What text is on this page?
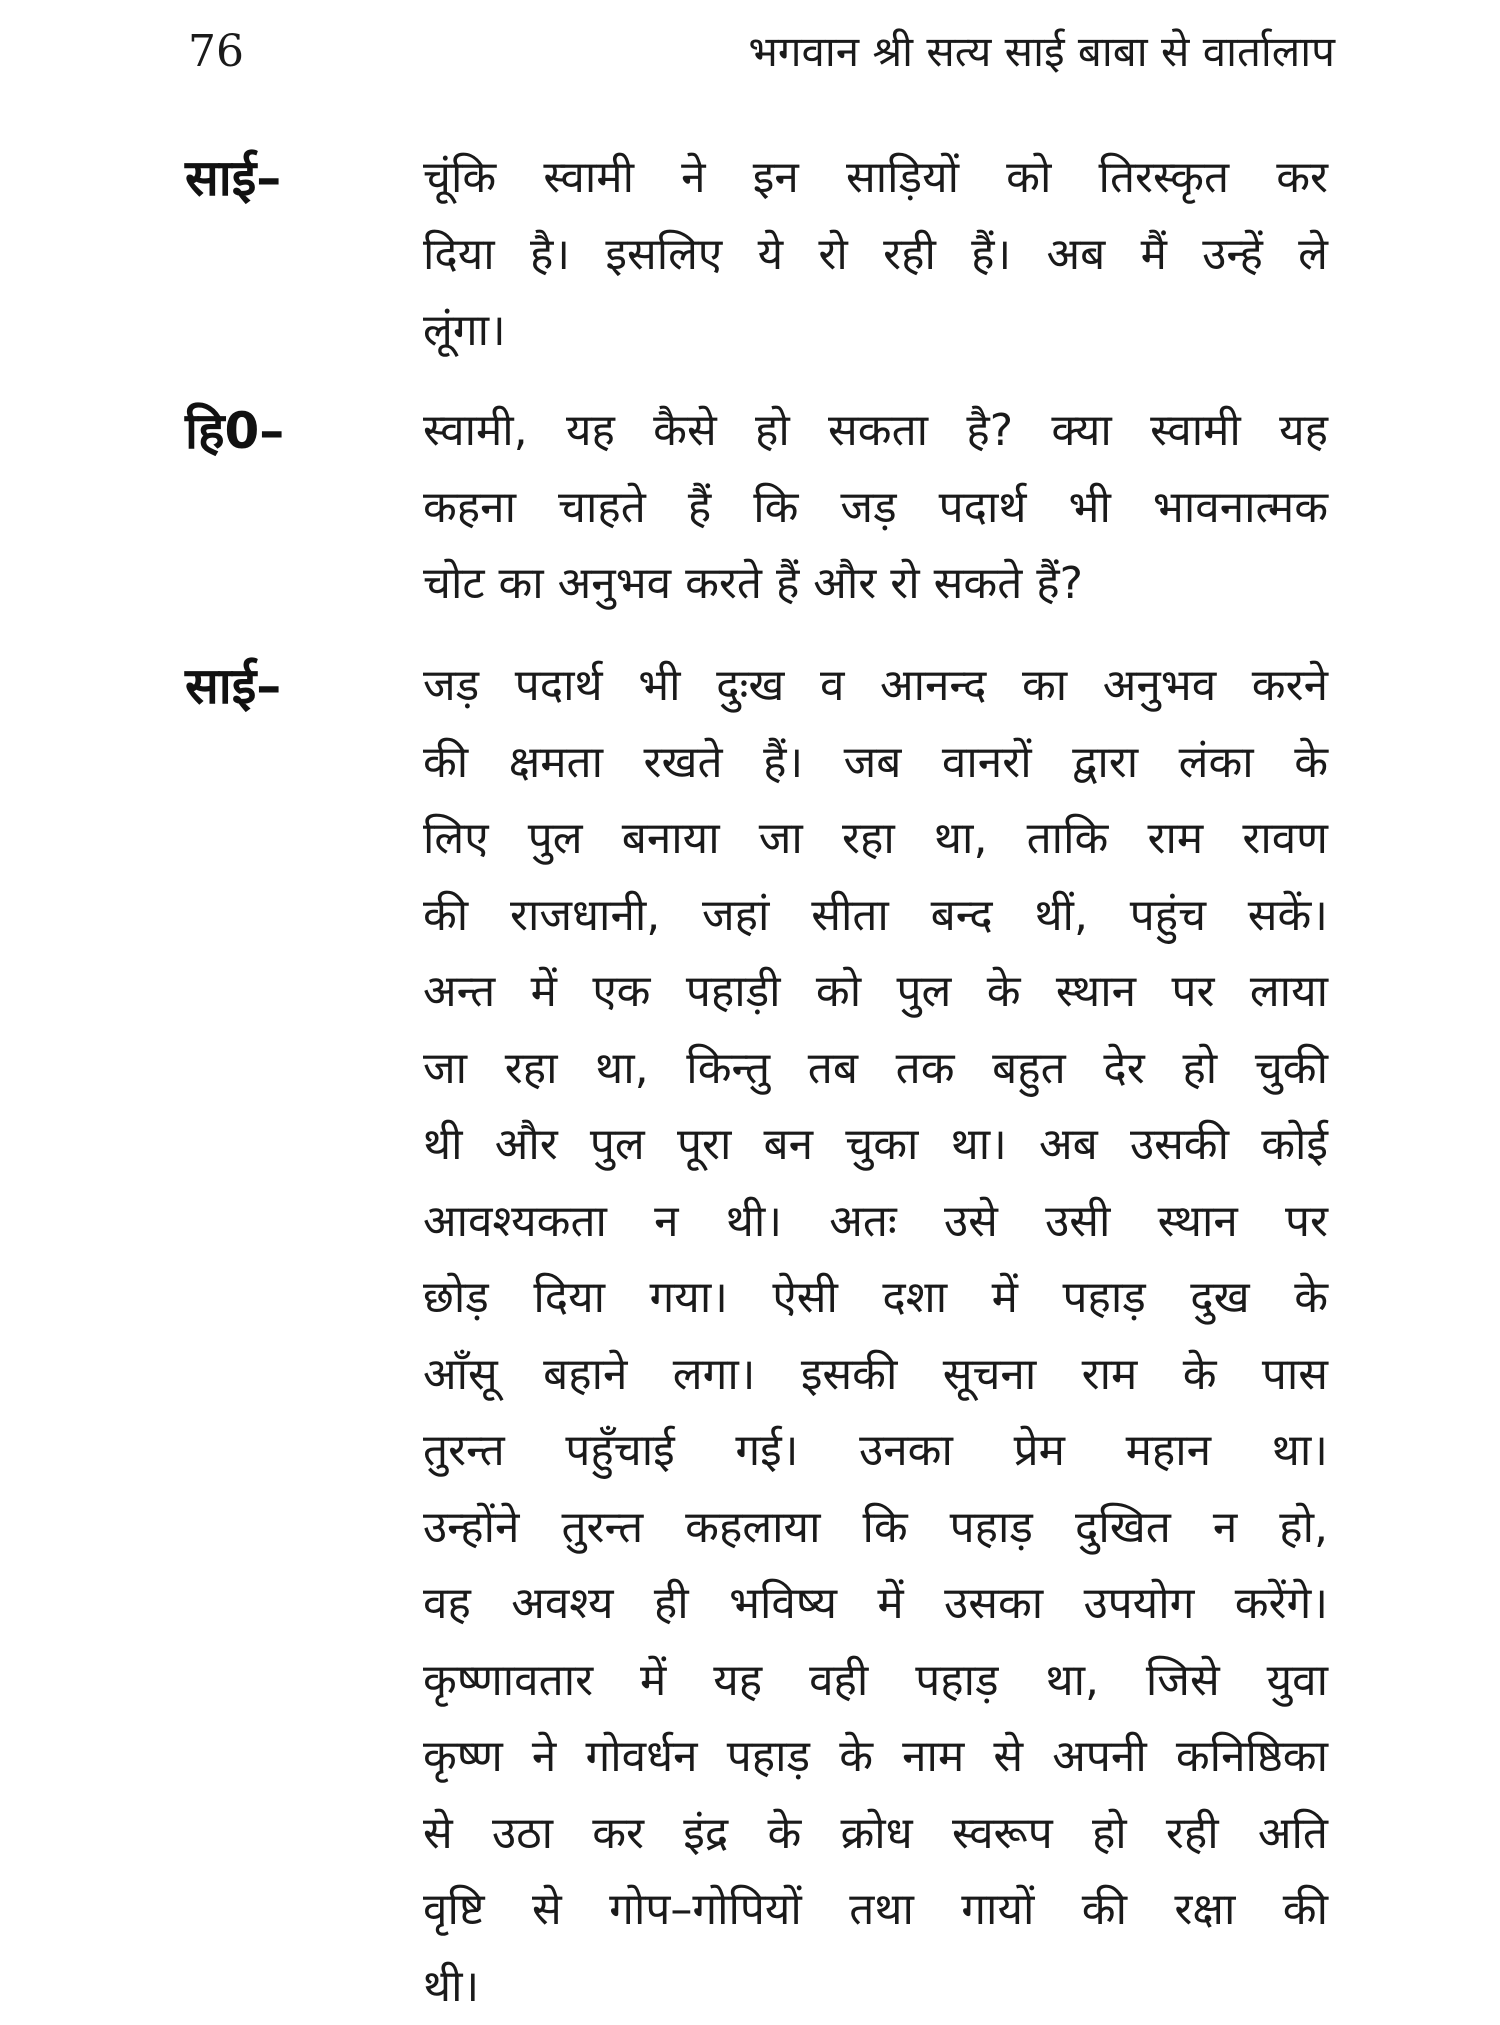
76	भगवान श्री सत्य साई बाबा से वार्तालाप
साई–	चूंकि स्वामी ने इन साड़ियों को तिरस्कृत कर
दिया है। इसलिए ये रो रही हैं। अब मैं उन्हें ले
लूंगा।
हि0–	स्वामी, यह कैसे हो सकता है? क्या स्वामी यह
कहना चाहते हैं कि जड़ पदार्थ भी भावनात्मक
चोट का अनुभव करते हैं और रो सकते हैं?
साई–	जड़ पदार्थ भी दुःख व आनन्द का अनुभव करने
की क्षमता रखते हैं। जब वानरों द्वारा लंका के
लिए पुल बनाया जा रहा था, ताकि राम रावण
की राजधानी, जहां सीता बन्द थीं, पहुंच सकें।
अन्त में एक पहाड़ी को पुल के स्थान पर लाया
जा रहा था, किन्तु तब तक बहुत देर हो चुकी
थी और पुल पूरा बन चुका था। अब उसकी कोई
आवश्यकता न थी। अतः उसे उसी स्थान पर
छोड़ दिया गया। ऐसी दशा में पहाड़ दुख के
आँसू बहाने लगा। इसकी सूचना राम के पास
तुरन्त पहुँचाई गई। उनका प्रेम महान था।
उन्होंने तुरन्त कहलाया कि पहाड़ दुखित न हो,
वह अवश्य ही भविष्य में उसका उपयोग करेंगे।
कृष्णावतार में यह वही पहाड़ था, जिसे युवा
कृष्ण ने गोवर्धन पहाड़ के नाम से अपनी कनिष्ठिका
से उठा कर इंद्र के क्रोध स्वरूप हो रही अति
वृष्टि से गोप–गोपियों तथा गायों की रक्षा की
थी।
